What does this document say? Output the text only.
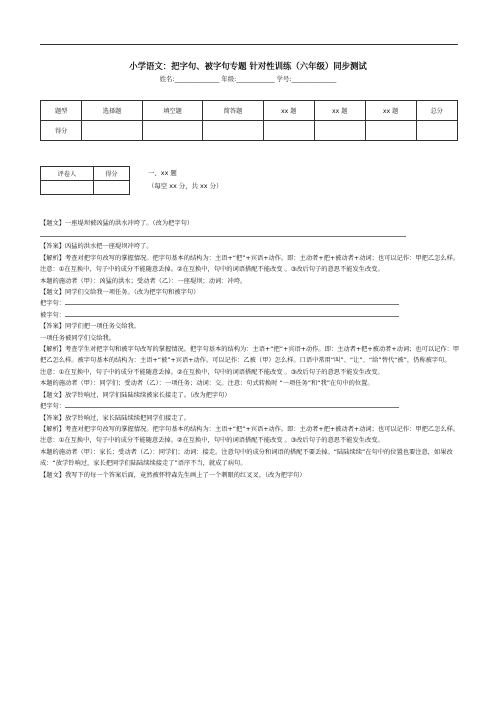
小学语文：把字句、被字句专题 针对性训练（六年级）同步测试
姓名:______________ 年级:____________ 学号:______________
题型	选择题	填空题	简答题	xx 题	xx 题	xx 题	总分
得分							
评卷人	得分
		一、xx 题
（每空 xx 分，共 xx 分）

【题文】一座堤坝被凶猛的洪水冲垮了。（改为把字句）

【答案】凶猛的洪水把一座堤坝冲垮了。

【解析】考查对把字句改写的掌握情况。把字句基本的结构为：主语+“把”+宾语+动作。即：主动者+把+被动者+动词；也可以记作：甲把乙怎么样。注意：①在互换中，句子中的成分不能随意丢掉。②在互换中，句中的词语搭配不能改变 。③改后句子的意思不能发生改变。

本题的施动者（甲）：凶猛的洪水；受动者（乙）：一座堤坝；动词：冲垮。

【题文】同学们交给我一项任务。（改为把字句和被字句）

把字句：

被字句：

【答案】同学们把一项任务交给我。

一项任务被同学们交给我。

【解析】考查学生对把字句和被字句改写的掌握情况。把字句基本的结构为：主语+“把”+宾语+动作。即：主动者+把+被动者+动词；也可以记作：甲把乙怎么样。被字句基本的结构为：主语+“被”+宾语+动作。可以记作：乙被（甲）怎么样。口语中常用“叫”、“让”、“给”替代“被”，仍称被字句。

注意：①在互换中，句子中的成分不能随意丢掉。②在互换中，句中的词语搭配不能改变 。③改后句子的意思不能发生改变。

本题的施动者（甲）：同学们；受动者（乙）：一项任务；动词：交。注意：句式转换时 “一项任务”和“我”在句中的位置。

【题文】放学铃响过，同学们陆陆续续被家长接走了。（改为把字句）

把字句：

【答案】放学铃响过，家长陆陆续续把同学们接走了。

【解析】考查对把字句改写的掌握情况。把字句基本的结构为：主语+“把”+宾语+动作。即：主动者+把+被动者+动词；也可以记作：甲把乙怎么样。注意：①在互换中，句子中的成分不能随意丢掉。②在互换中，句中的词语搭配不能改变 。③改后句子的意思不能发生改变。

本题的施动者（甲）：家长；受动者（乙）：同学们；动词：接走。注意句中的成分和词语的搭配不要丢掉。“陆陆续续”在句中的位置也要注意，如果改成：“放学铃响过，家长把同学们陆陆续续接走了”语序不当，就成了病句。

【题文】我写下的每一个答案后面，竟然被怀特森先生画上了一个刺眼的红叉叉。（改为把字句）
